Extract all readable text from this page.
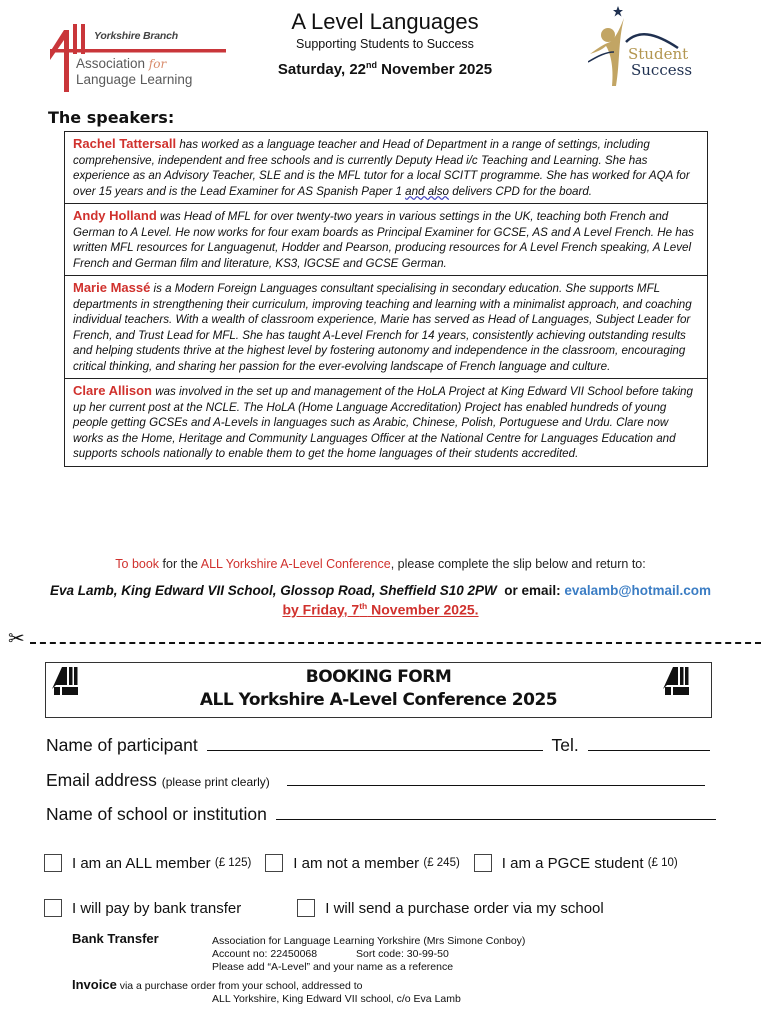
Yorkshire Branch
Association for
Language Learning
A Level Languages
Supporting Students to Success
Saturday, 22nd November 2025
Student
Success
The speakers:
Rachel Tattersall has worked as a language teacher and Head of Department in a range of settings, including comprehensive, independent and free schools and is currently Deputy Head i/c Teaching and Learning. She has experience as an Advisory Teacher, SLE and is the MFL tutor for a local SCITT programme. She has worked for AQA for over 15 years and is the Lead Examiner for AS Spanish Paper 1 and also delivers CPD for the board.
Andy Holland was Head of MFL for over twenty-two years in various settings in the UK, teaching both French and German to A Level. He now works for four exam boards as Principal Examiner for GCSE, AS and A Level French. He has written MFL resources for Languagenut, Hodder and Pearson, producing resources for A Level French speaking, A Level French and German film and literature, KS3, IGCSE and GCSE German.
Marie Massé is a Modern Foreign Languages consultant specialising in secondary education. She supports MFL departments in strengthening their curriculum, improving teaching and learning with a minimalist approach, and coaching individual teachers. With a wealth of classroom experience, Marie has served as Head of Languages, Subject Leader for French, and Trust Lead for MFL. She has taught A-Level French for 14 years, consistently achieving outstanding results and helping students thrive at the highest level by fostering autonomy and independence in the classroom, encouraging critical thinking, and sharing her passion for the ever-evolving landscape of French language and culture.
Clare Allison was involved in the set up and management of the HoLA Project at King Edward VII School before taking up her current post at the NCLE. The HoLA (Home Language Accreditation) Project has enabled hundreds of young people getting GCSEs and A-Levels in languages such as Arabic, Chinese, Polish, Portuguese and Urdu. Clare now works as the Home, Heritage and Community Languages Officer at the National Centre for Languages Education and supports schools nationally to enable them to get the home languages of their students accredited.
To book for the ALL Yorkshire A-Level Conference, please complete the slip below and return to:
Eva Lamb, King Edward VII School, Glossop Road, Sheffield S10 2PW  or email: evalamb@hotmail.com
by Friday, 7th November 2025.
✂
BOOKING FORM
ALL Yorkshire A-Level Conference 2025
Name of participant	Tel.
Email address (please print clearly)
Name of school or institution
I am an ALL member
(£ 125)	I am not a member
(£ 245)	I am a PGCE student
(£ 10)
I will pay by bank transfer	I will send a purchase order via my school
Bank Transfer	Association for Language Learning Yorkshire (Mrs Simone Conboy)
Account no: 22450068	Sort code: 30-99-50
Please add “A-Level” and your name as a reference
Invoice via a purchase order from your school, addressed to
ALL Yorkshire, King Edward VII school, c/o Eva Lamb
